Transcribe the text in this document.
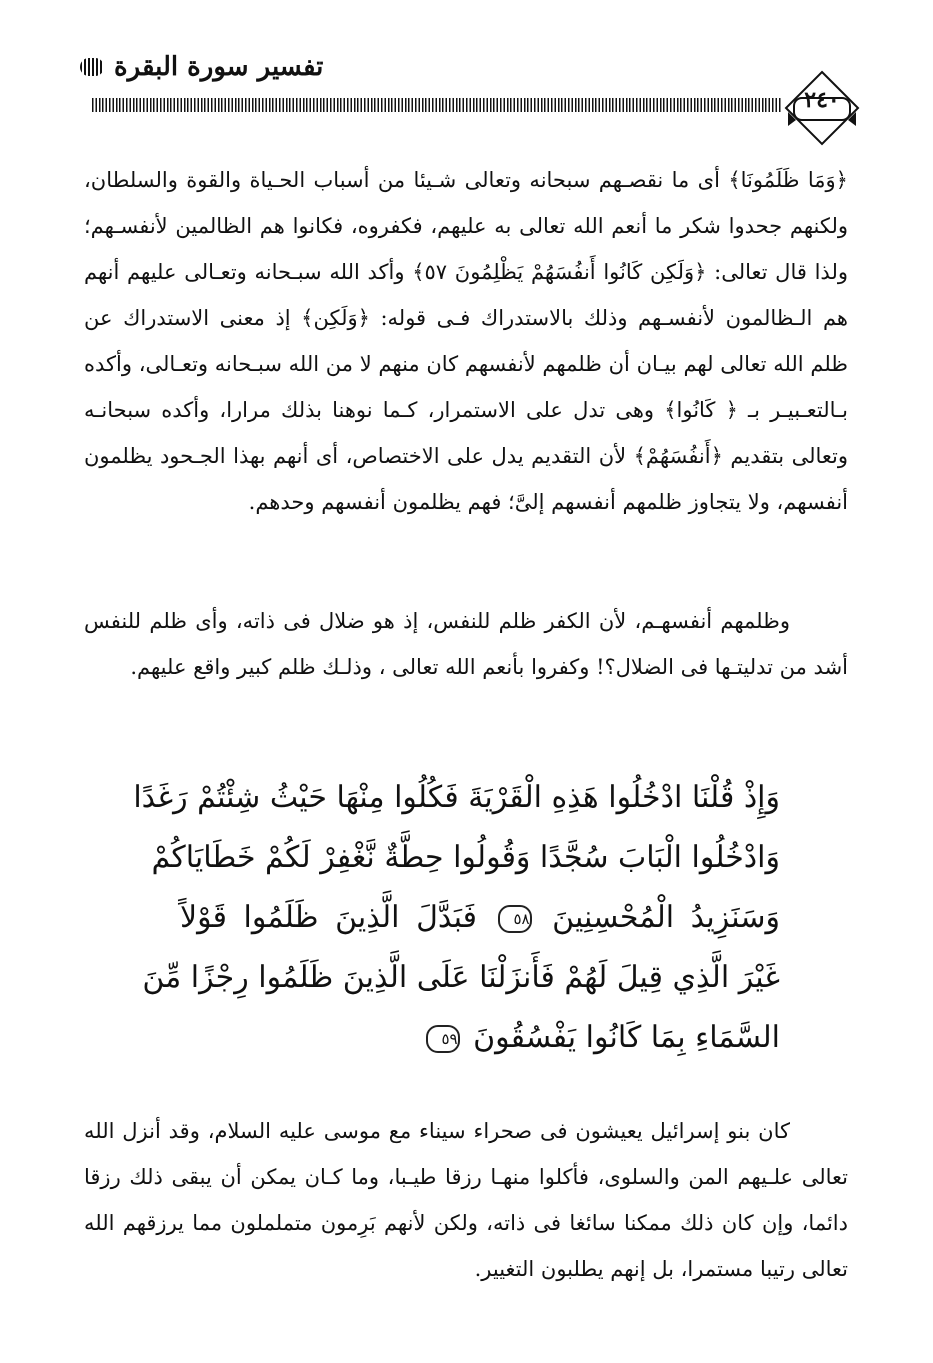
تفسير سورة البقرة
٢٤٠

﴿وَمَا ظَلَمُونَا﴾ أى ما نقصـهم سبحانه وتعالى شـيئا من أسباب الحـياة والقوة والسلطان، ولكنهم جحدوا شكر ما أنعم الله تعالى به عليهم، فكفروه، فكانوا هم الظالمين لأنفسـهم؛ ولذا قال تعالى: ﴿وَلَكِن كَانُوا أَنفُسَهُمْ يَظْلِمُونَ ٥٧﴾ وأكد الله سبـحانه وتعـالى عليهم أنهم هم الـظالمون لأنفسـهم وذلك بالاستدراك فـى قوله: ﴿وَلَكِن﴾ إذ معنى الاستدراك عن ظلم الله تعالى لهم بيـان أن ظلمهم لأنفسهم كان منهم لا من الله سبـحانه وتعـالى، وأكده بـالتعـبيـر بـ ﴿ كَانُوا﴾ وهى تدل على الاستمرار، كـما نوهنا بذلك مرارا، وأكده سبحانـه وتعالى بتقديم ﴿أَنفُسَهُمْ﴾ لأن التقديم يدل على الاختصاص، أى أنهم بهذا الجـحود يظلمون أنفسهم، ولا يتجاوز ظلمهم أنفسهم إلىَّ؛ فهم يظلمون أنفسهم وحدهم.

وظلمهم أنفسهـم، لأن الكفر ظلم للنفس، إذ هو ضلال فى ذاته، وأى ظلم للنفس أشد من تدليتـها فى الضلال؟! وكفروا بأنعم الله تعالى ، وذلـك ظلم كبير واقع عليهم.

وَإِذْ قُلْنَا ادْخُلُوا هَذِهِ الْقَرْيَةَ فَكُلُوا مِنْهَا حَيْثُ شِئْتُمْ رَغَدًا
وَادْخُلُوا الْبَابَ سُجَّدًا وَقُولُوا حِطَّةٌ نَّغْفِرْ لَكُمْ خَطَايَاكُمْ
وَسَنَزِيدُ الْمُحْسِنِينَ ٥٨ فَبَدَّلَ الَّذِينَ ظَلَمُوا قَوْلاً
غَيْرَ الَّذِي قِيلَ لَهُمْ فَأَنزَلْنَا عَلَى الَّذِينَ ظَلَمُوا رِجْزًا مِّنَ
السَّمَاءِ بِمَا كَانُوا يَفْسُقُونَ ٥٩

كان بنو إسرائيل يعيشون فى صحراء سيناء مع موسى عليه السلام، وقد أنزل الله تعالى علـيهم المن والسلوى، فأكلوا منهـا رزقا طيـبا، وما كـان يمكن أن يبقى ذلك رزقا دائما، وإن كان ذلك ممكنا سائغا فى ذاته، ولكن لأنهم بَرِمون متململون مما يرزقهم الله تعالى رتيبا مستمرا، بل إنهم يطلبون التغيير.
